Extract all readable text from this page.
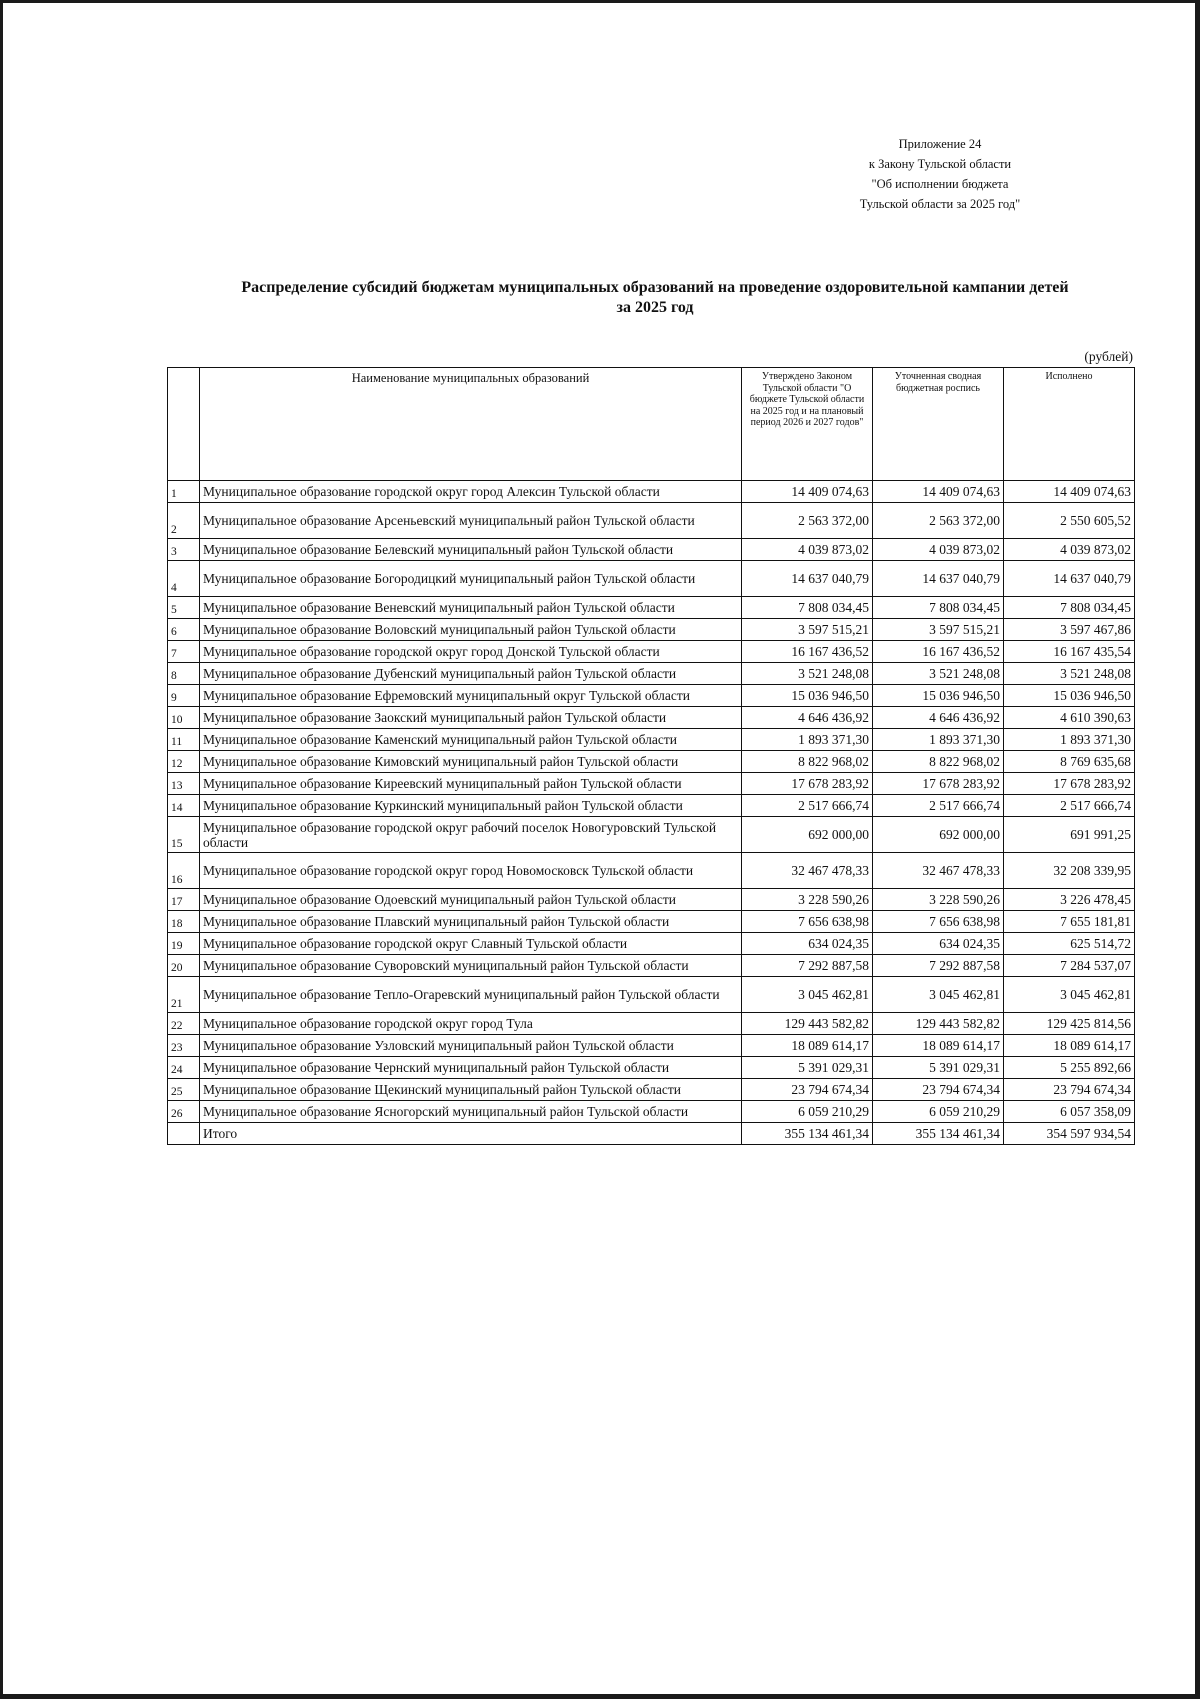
Приложение 24
к Закону Тульской области
"Об исполнении бюджета
Тульской области за 2025 год"
Распределение субсидий бюджетам муниципальных образований на проведение оздоровительной кампании детей
за 2025 год
(рублей)
	Наименование муниципальных образований	Утверждено Законом Тульской области "О бюджете Тульской области на 2025 год и на плановый период 2026 и 2027 годов"	Уточненная сводная бюджетная роспись	Исполнено
1	Муниципальное образование городской округ город Алексин Тульской области	14 409 074,63	14 409 074,63	14 409 074,63
2	Муниципальное образование Арсеньевский муниципальный район Тульской области	2 563 372,00	2 563 372,00	2 550 605,52
3	Муниципальное образование Белевский муниципальный район Тульской области	4 039 873,02	4 039 873,02	4 039 873,02
4	Муниципальное образование Богородицкий муниципальный район Тульской области	14 637 040,79	14 637 040,79	14 637 040,79
5	Муниципальное образование Веневский муниципальный район Тульской области	7 808 034,45	7 808 034,45	7 808 034,45
6	Муниципальное образование Воловский муниципальный район Тульской области	3 597 515,21	3 597 515,21	3 597 467,86
7	Муниципальное образование городской округ город Донской Тульской области	16 167 436,52	16 167 436,52	16 167 435,54
8	Муниципальное образование Дубенский муниципальный район Тульской области	3 521 248,08	3 521 248,08	3 521 248,08
9	Муниципальное образование Ефремовский муниципальный округ Тульской области	15 036 946,50	15 036 946,50	15 036 946,50
10	Муниципальное образование Заокский муниципальный район Тульской области	4 646 436,92	4 646 436,92	4 610 390,63
11	Муниципальное образование Каменский муниципальный район Тульской области	1 893 371,30	1 893 371,30	1 893 371,30
12	Муниципальное образование Кимовский муниципальный район Тульской области	8 822 968,02	8 822 968,02	8 769 635,68
13	Муниципальное образование Киреевский муниципальный район Тульской области	17 678 283,92	17 678 283,92	17 678 283,92
14	Муниципальное образование Куркинский муниципальный район Тульской области	2 517 666,74	2 517 666,74	2 517 666,74
15	Муниципальное образование городской округ рабочий поселок Новогуровский Тульской области	692 000,00	692 000,00	691 991,25
16	Муниципальное образование городской округ город Новомосковск Тульской области	32 467 478,33	32 467 478,33	32 208 339,95
17	Муниципальное образование Одоевский муниципальный район Тульской области	3 228 590,26	3 228 590,26	3 226 478,45
18	Муниципальное образование Плавский муниципальный район Тульской области	7 656 638,98	7 656 638,98	7 655 181,81
19	Муниципальное образование городской округ Славный Тульской области	634 024,35	634 024,35	625 514,72
20	Муниципальное образование Суворовский муниципальный район Тульской области	7 292 887,58	7 292 887,58	7 284 537,07
21	Муниципальное образование Тепло-Огаревский муниципальный район Тульской области	3 045 462,81	3 045 462,81	3 045 462,81
22	Муниципальное образование городской округ город Тула	129 443 582,82	129 443 582,82	129 425 814,56
23	Муниципальное образование Узловский муниципальный район Тульской области	18 089 614,17	18 089 614,17	18 089 614,17
24	Муниципальное образование Чернский муниципальный район Тульской области	5 391 029,31	5 391 029,31	5 255 892,66
25	Муниципальное образование Щекинский муниципальный район Тульской области	23 794 674,34	23 794 674,34	23 794 674,34
26	Муниципальное образование Ясногорский муниципальный район Тульской области	6 059 210,29	6 059 210,29	6 057 358,09
	Итого	355 134 461,34	355 134 461,34	354 597 934,54
